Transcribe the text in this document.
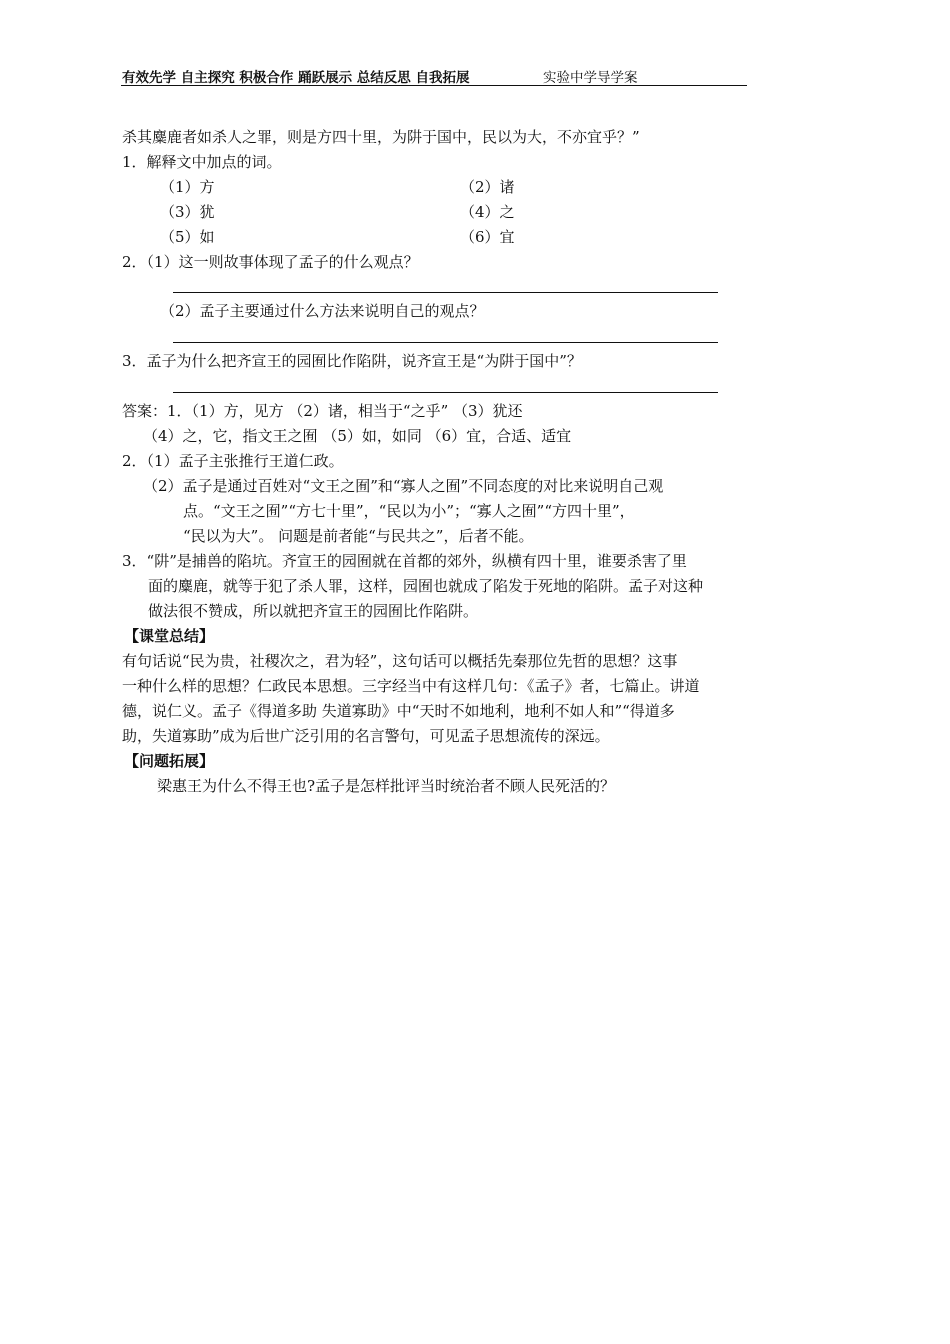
有效先学 自主探究 积极合作 踊跃展示 总结反思 自我拓展	实验中学导学案
杀其麋鹿者如杀人之罪，则是方四十里，为阱于国中，民以为大，不亦宜乎？”
1．解释文中加点的词。
（1）方	（2）诸
（3）犹	（4）之
（5）如	（6）宜
2．（1）这一则故事体现了孟子的什么观点？
（2）孟子主要通过什么方法来说明自己的观点？
3．孟子为什么把齐宣王的园囿比作陷阱，说齐宣王是“为阱于国中”？
答案：1．（1）方，见方 （2）诸，相当于“之乎” （3）犹还
（4）之，它，指文王之囿 （5）如，如同 （6）宜，合适、适宜
2．（1）孟子主张推行王道仁政。
（2）孟子是通过百姓对“文王之囿”和“寡人之囿”不同态度的对比来说明自己观
点。“文王之囿”“方七十里”，“民以为小”；“寡人之囿”“方四十里”，
“民以为大”。 问题是前者能“与民共之”，后者不能。
3．“阱”是捕兽的陷坑。齐宣王的园囿就在首都的郊外，纵横有四十里，谁要杀害了里
面的麋鹿，就等于犯了杀人罪，这样，园囿也就成了陷发于死地的陷阱。孟子对这种
做法很不赞成，所以就把齐宣王的园囿比作陷阱。
【课堂总结】
有句话说“民为贵，社稷次之，君为轻”，这句话可以概括先秦那位先哲的思想？这事
一种什么样的思想？仁政民本思想。三字经当中有这样几句：《孟子》者，七篇止。讲道
德，说仁义。孟子《得道多助 失道寡助》中“天时不如地利，地利不如人和”“得道多
助，失道寡助”成为后世广泛引用的名言警句，可见孟子思想流传的深远。
【问题拓展】
梁惠王为什么不得王也?孟子是怎样批评当时统治者不顾人民死活的？
